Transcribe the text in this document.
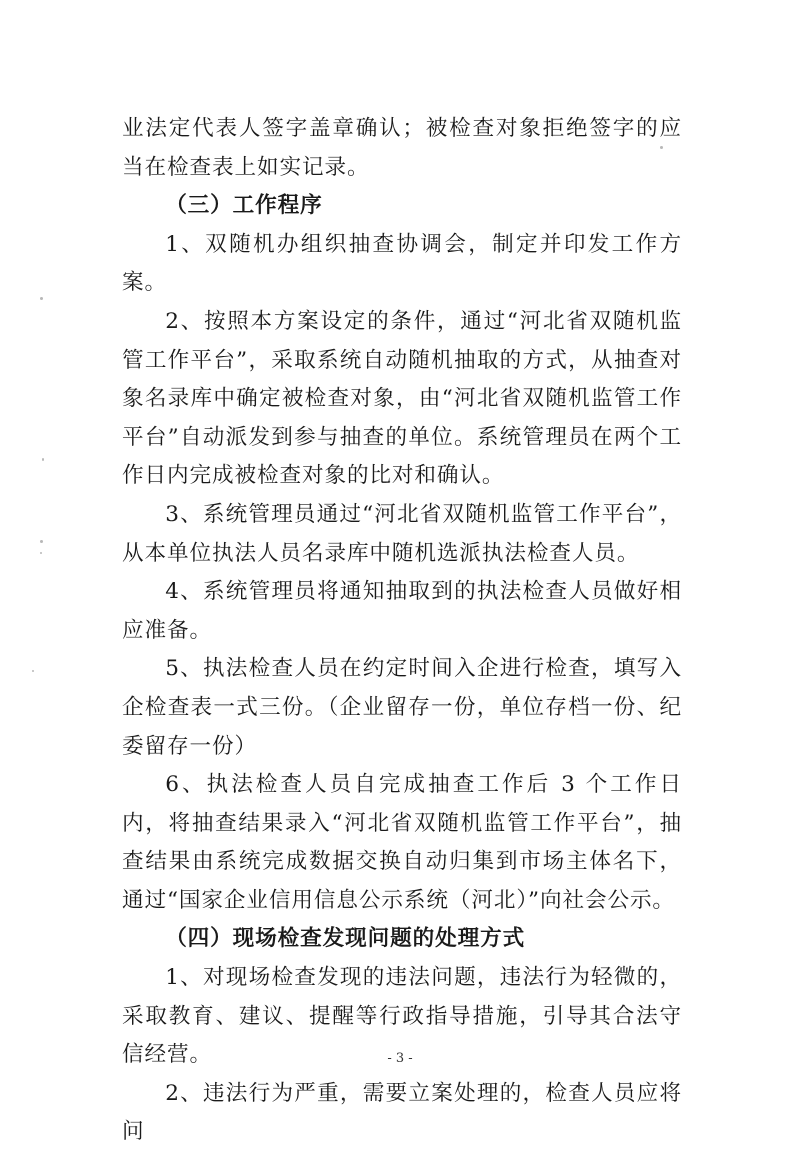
业法定代表人签字盖章确认；被检查对象拒绝签字的应当在检查表上如实记录。

（三）工作程序

1、双随机办组织抽查协调会，制定并印发工作方案。

2、按照本方案设定的条件，通过“河北省双随机监管工作平台”，采取系统自动随机抽取的方式，从抽查对象名录库中确定被检查对象，由“河北省双随机监管工作平台”自动派发到参与抽查的单位。系统管理员在两个工作日内完成被检查对象的比对和确认。

3、系统管理员通过“河北省双随机监管工作平台”，从本单位执法人员名录库中随机选派执法检查人员。

4、系统管理员将通知抽取到的执法检查人员做好相应准备。

5、执法检查人员在约定时间入企进行检查，填写入企检查表一式三份。（企业留存一份，单位存档一份、纪委留存一份）

6、执法检查人员自完成抽查工作后 3 个工作日内，将抽查结果录入“河北省双随机监管工作平台”，抽查结果由系统完成数据交换自动归集到市场主体名下，通过“国家企业信用信息公示系统（河北）”向社会公示。

（四）现场检查发现问题的处理方式

1、对现场检查发现的违法问题，违法行为轻微的，采取教育、建议、提醒等行政指导措施，引导其合法守信经营。

2、违法行为严重，需要立案处理的，检查人员应将问

- 3 -
